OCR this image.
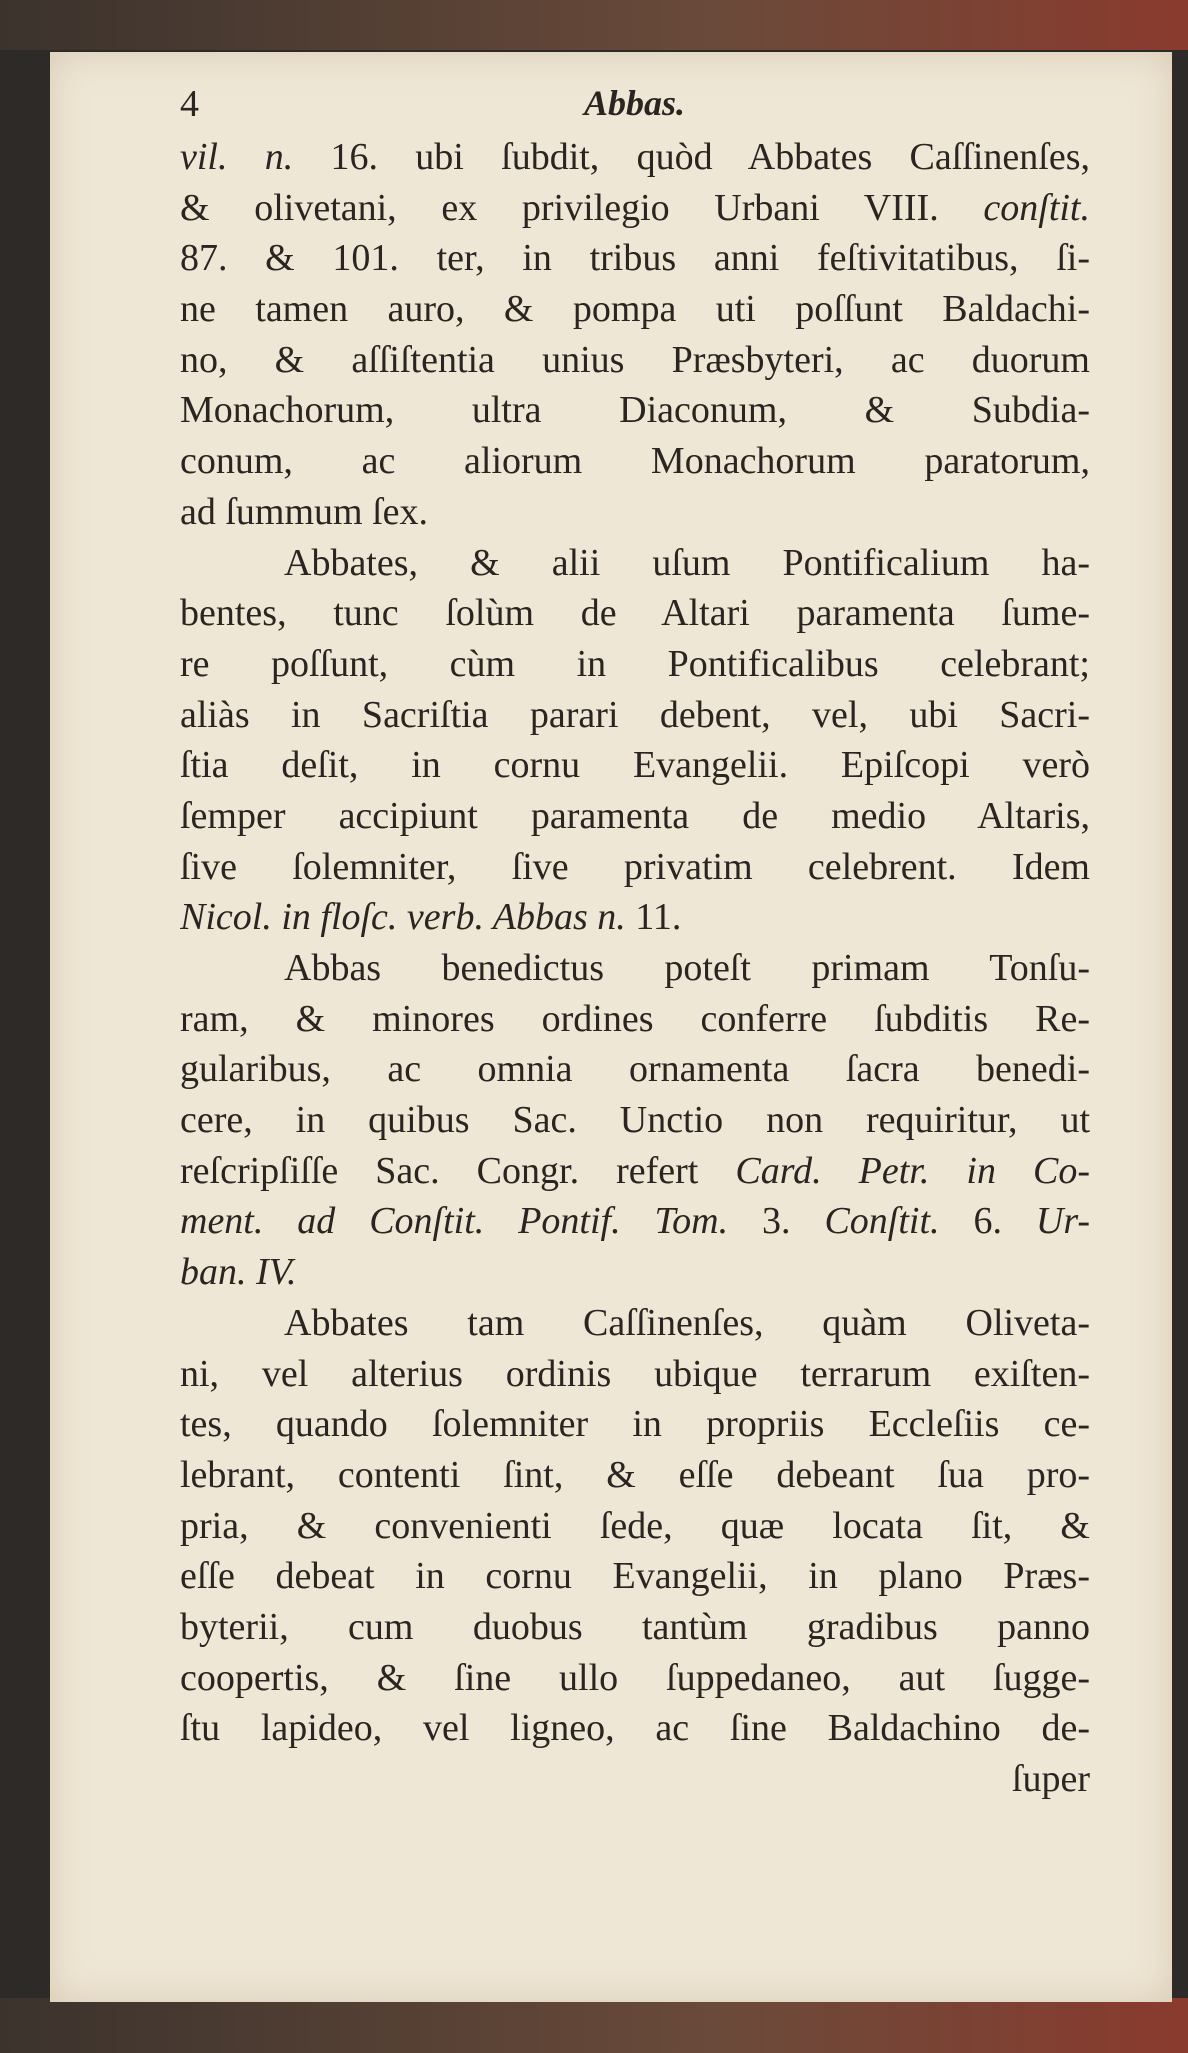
4	Abbas.
vil. n. 16. ubi ſubdit, quòd Abbates Caſſinenſes,
& olivetani, ex privilegio Urbani VIII. conſtit.
87. & 101. ter, in tribus anni feſtivitatibus, ſi-
ne tamen auro, & pompa uti poſſunt Baldachi-
no, & aſſiſtentia unius Præsbyteri, ac duorum
Monachorum, ultra Diaconum, & Subdia-
conum, ac aliorum Monachorum paratorum,
ad ſummum ſex.
Abbates, & alii uſum Pontificalium ha-
bentes, tunc ſolùm de Altari paramenta ſume-
re poſſunt, cùm in Pontificalibus celebrant;
aliàs in Sacriſtia parari debent, vel, ubi Sacri-
ſtia deſit, in cornu Evangelii. Epiſcopi verò
ſemper accipiunt paramenta de medio Altaris,
ſive ſolemniter, ſive privatim celebrent. Idem
Nicol. in floſc. verb. Abbas n. 11.
Abbas benedictus poteſt primam Tonſu-
ram, & minores ordines conferre ſubditis Re-
gularibus, ac omnia ornamenta ſacra benedi-
cere, in quibus Sac. Unctio non requiritur, ut
reſcripſiſſe Sac. Congr. refert Card. Petr. in Co-
ment. ad Conſtit. Pontif. Tom. 3. Conſtit. 6. Ur-
ban. IV.
Abbates tam Caſſinenſes, quàm Oliveta-
ni, vel alterius ordinis ubique terrarum exiſten-
tes, quando ſolemniter in propriis Eccleſiis ce-
lebrant, contenti ſint, & eſſe debeant ſua pro-
pria, & convenienti ſede, quæ locata ſit, &
eſſe debeat in cornu Evangelii, in plano Præs-
byterii, cum duobus tantùm gradibus panno
coopertis, & ſine ullo ſuppedaneo, aut ſugge-
ſtu lapideo, vel ligneo, ac ſine Baldachino de-
ſuper
